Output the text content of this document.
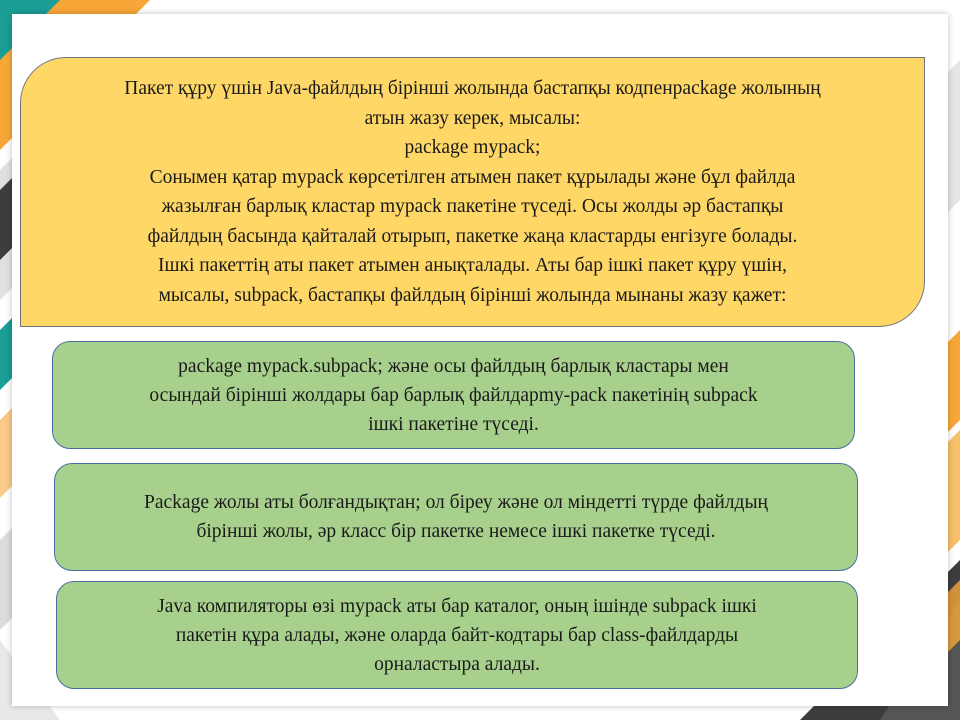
Пакет құру үшін Java-файлдың бірінші жолында бастапқы кодпенpackage жолының
атын жазу керек, мысалы:
package mypack;
Сонымен қатар mypack көрсетілген атымен пакет құрылады және бұл файлда
жазылған барлық кластар mypack пакетіне түседі. Осы жолды әр бастапқы
файлдың басында қайталай отырып, пакетке жаңа кластарды енгізуге болады.
Ішкі пакеттің аты пакет атымен анықталады. Аты бар ішкі пакет құру үшін,
мысалы, subpack, бастапқы файлдың бірінші жолында мынаны жазу қажет:
package mypack.subpack; және осы файлдың барлық кластары мен
осындай бірінші жолдары бар барлық файлдарmy-pack пакетінің subpack
ішкі пакетіне түседі.
Package жолы аты болғандықтан; ол біреу және ол міндетті түрде файлдың
бірінші жолы, әр класс бір пакетке немесе ішкі пакетке түседі.
Java компиляторы өзі mypack аты бар каталог, оның ішінде subpack ішкі
пакетін құра алады, және оларда байт-кодтары бар class-файлдарды
орналастыра алады.
